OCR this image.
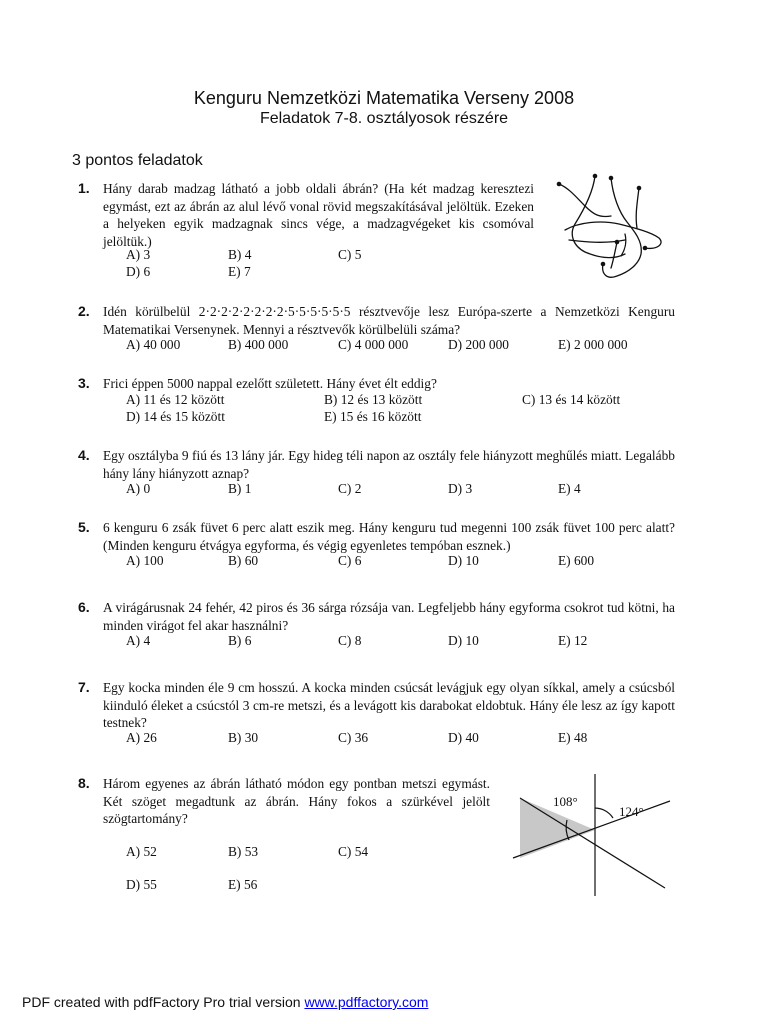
Kenguru Nemzetközi Matematika Verseny 2008
Feladatok 7-8. osztályosok részére
3 pontos feladatok
1. Hány darab madzag látható a jobb oldali ábrán? (Ha két madzag keresztezi egymást, ezt az ábrán az alul lévő vonal rövid megszakításával jelöltük. Ezeken a helyeken egyik madzagnak sincs vége, a madzagvégeket kis csomóval jelöltük.)
A) 3	B) 4	C) 5
D) 6	E) 7
2. Idén körülbelül 2·2·2·2·2·2·2·2·5·5·5·5·5·5 résztvevője lesz Európa-szerte a Nemzetközi Kenguru Matematikai Versenynek. Mennyi a résztvevők körülbelüli száma?
A) 40 000	B) 400 000	C) 4 000 000	D) 200 000	E) 2 000 000
3. Frici éppen 5000 nappal ezelőtt született. Hány évet élt eddig?
A) 11 és 12 között	B) 12 és 13 között	C) 13 és 14 között
D) 14 és 15 között	E) 15 és 16 között
4. Egy osztályba 9 fiú és 13 lány jár. Egy hideg téli napon az osztály fele hiányzott meghűlés miatt. Legalább hány lány hiányzott aznap?
A) 0	B) 1	C) 2	D) 3	E) 4
5. 6 kenguru 6 zsák füvet 6 perc alatt eszik meg. Hány kenguru tud megenni 100 zsák füvet 100 perc alatt? (Minden kenguru étvágya egyforma, és végig egyenletes tempóban esznek.)
A) 100	B) 60	C) 6	D) 10	E) 600
6. A virágárusnak 24 fehér, 42 piros és 36 sárga rózsája van. Legfeljebb hány egyforma csokrot tud kötni, ha minden virágot fel akar használni?
A) 4	B) 6	C) 8	D) 10	E) 12
7. Egy kocka minden éle 9 cm hosszú. A kocka minden csúcsát levágjuk egy olyan síkkal, amely a csúcsból kiinduló éleket a csúcstól 3 cm-re metszi, és a levágott kis darabokat eldobtuk. Hány éle lesz az így kapott testnek?
A) 26	B) 30	C) 36	D) 40	E) 48
8. Három egyenes az ábrán látható módon egy pontban metszi egymást. Két szöget megadtunk az ábrán. Hány fokos a szürkével jelölt szögtartomány?
A) 52	B) 53	C) 54
D) 55	E) 56
108°
124°
PDF created with pdfFactory Pro trial version www.pdffactory.com
